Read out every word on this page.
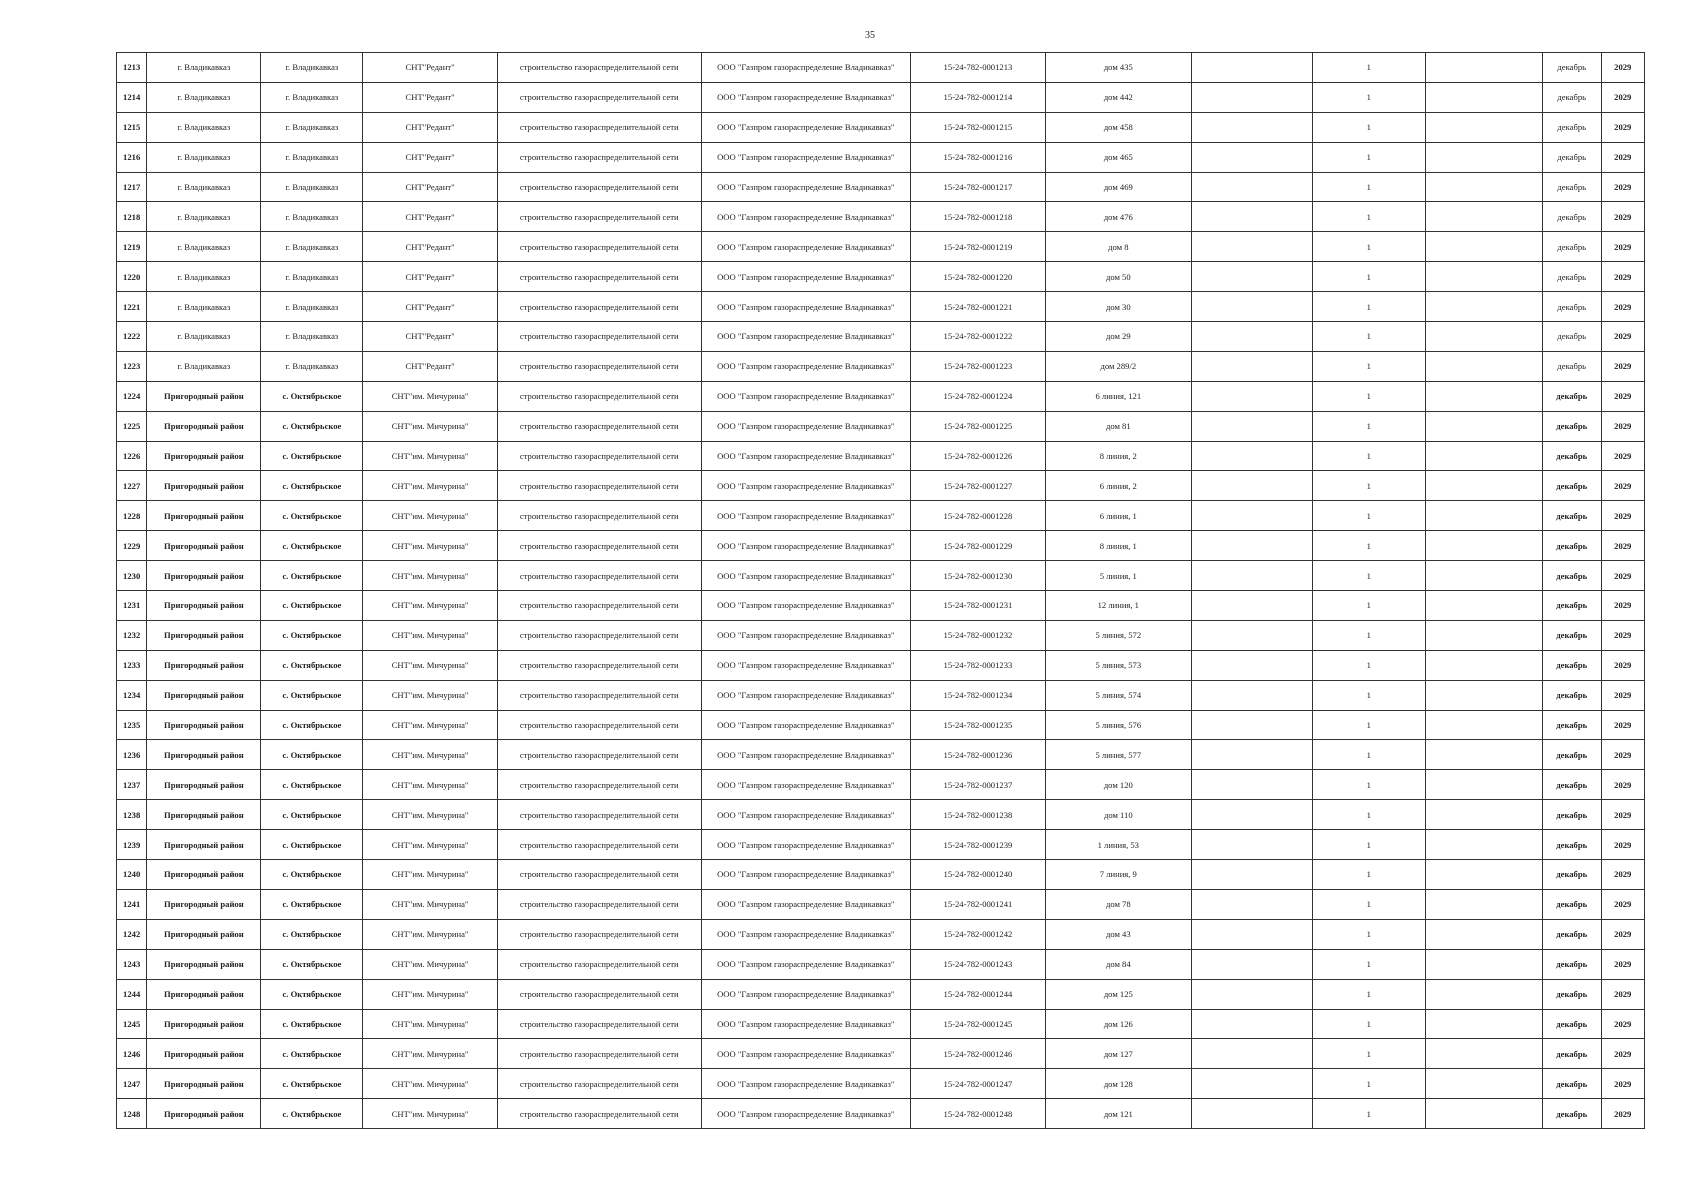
35
1213	г. Владикавказ	г. Владикавказ	СНТ"Редант"	строительство газораспределительной сети	ООО "Газпром газораспределение Владикавказ"	15-24-782-0001213	дом 435		1		декабрь	2029
1214	г. Владикавказ	г. Владикавказ	СНТ"Редант"	строительство газораспределительной сети	ООО "Газпром газораспределение Владикавказ"	15-24-782-0001214	дом 442		1		декабрь	2029
1215	г. Владикавказ	г. Владикавказ	СНТ"Редант"	строительство газораспределительной сети	ООО "Газпром газораспределение Владикавказ"	15-24-782-0001215	дом 458		1		декабрь	2029
1216	г. Владикавказ	г. Владикавказ	СНТ"Редант"	строительство газораспределительной сети	ООО "Газпром газораспределение Владикавказ"	15-24-782-0001216	дом 465		1		декабрь	2029
1217	г. Владикавказ	г. Владикавказ	СНТ"Редант"	строительство газораспределительной сети	ООО "Газпром газораспределение Владикавказ"	15-24-782-0001217	дом 469		1		декабрь	2029
1218	г. Владикавказ	г. Владикавказ	СНТ"Редант"	строительство газораспределительной сети	ООО "Газпром газораспределение Владикавказ"	15-24-782-0001218	дом 476		1		декабрь	2029
1219	г. Владикавказ	г. Владикавказ	СНТ"Редант"	строительство газораспределительной сети	ООО "Газпром газораспределение Владикавказ"	15-24-782-0001219	дом 8		1		декабрь	2029
1220	г. Владикавказ	г. Владикавказ	СНТ"Редант"	строительство газораспределительной сети	ООО "Газпром газораспределение Владикавказ"	15-24-782-0001220	дом 50		1		декабрь	2029
1221	г. Владикавказ	г. Владикавказ	СНТ"Редант"	строительство газораспределительной сети	ООО "Газпром газораспределение Владикавказ"	15-24-782-0001221	дом 30		1		декабрь	2029
1222	г. Владикавказ	г. Владикавказ	СНТ"Редант"	строительство газораспределительной сети	ООО "Газпром газораспределение Владикавказ"	15-24-782-0001222	дом 29		1		декабрь	2029
1223	г. Владикавказ	г. Владикавказ	СНТ"Редант"	строительство газораспределительной сети	ООО "Газпром газораспределение Владикавказ"	15-24-782-0001223	дом 289/2		1		декабрь	2029
1224	Пригородный район	с. Октябрьское	СНТ"им. Мичурина"	строительство газораспределительной сети	ООО "Газпром газораспределение Владикавказ"	15-24-782-0001224	6 линия, 121		1		декабрь	2029
1225	Пригородный район	с. Октябрьское	СНТ"им. Мичурина"	строительство газораспределительной сети	ООО "Газпром газораспределение Владикавказ"	15-24-782-0001225	дом 81		1		декабрь	2029
1226	Пригородный район	с. Октябрьское	СНТ"им. Мичурина"	строительство газораспределительной сети	ООО "Газпром газораспределение Владикавказ"	15-24-782-0001226	8 линия, 2		1		декабрь	2029
1227	Пригородный район	с. Октябрьское	СНТ"им. Мичурина"	строительство газораспределительной сети	ООО "Газпром газораспределение Владикавказ"	15-24-782-0001227	6 линия, 2		1		декабрь	2029
1228	Пригородный район	с. Октябрьское	СНТ"им. Мичурина"	строительство газораспределительной сети	ООО "Газпром газораспределение Владикавказ"	15-24-782-0001228	6 линия, 1		1		декабрь	2029
1229	Пригородный район	с. Октябрьское	СНТ"им. Мичурина"	строительство газораспределительной сети	ООО "Газпром газораспределение Владикавказ"	15-24-782-0001229	8 линия, 1		1		декабрь	2029
1230	Пригородный район	с. Октябрьское	СНТ"им. Мичурина"	строительство газораспределительной сети	ООО "Газпром газораспределение Владикавказ"	15-24-782-0001230	5 линия, 1		1		декабрь	2029
1231	Пригородный район	с. Октябрьское	СНТ"им. Мичурина"	строительство газораспределительной сети	ООО "Газпром газораспределение Владикавказ"	15-24-782-0001231	12 линия, 1		1		декабрь	2029
1232	Пригородный район	с. Октябрьское	СНТ"им. Мичурина"	строительство газораспределительной сети	ООО "Газпром газораспределение Владикавказ"	15-24-782-0001232	5 линия, 572		1		декабрь	2029
1233	Пригородный район	с. Октябрьское	СНТ"им. Мичурина"	строительство газораспределительной сети	ООО "Газпром газораспределение Владикавказ"	15-24-782-0001233	5 линия, 573		1		декабрь	2029
1234	Пригородный район	с. Октябрьское	СНТ"им. Мичурина"	строительство газораспределительной сети	ООО "Газпром газораспределение Владикавказ"	15-24-782-0001234	5 линия, 574		1		декабрь	2029
1235	Пригородный район	с. Октябрьское	СНТ"им. Мичурина"	строительство газораспределительной сети	ООО "Газпром газораспределение Владикавказ"	15-24-782-0001235	5 линия, 576		1		декабрь	2029
1236	Пригородный район	с. Октябрьское	СНТ"им. Мичурина"	строительство газораспределительной сети	ООО "Газпром газораспределение Владикавказ"	15-24-782-0001236	5 линия, 577		1		декабрь	2029
1237	Пригородный район	с. Октябрьское	СНТ"им. Мичурина"	строительство газораспределительной сети	ООО "Газпром газораспределение Владикавказ"	15-24-782-0001237	дом 120		1		декабрь	2029
1238	Пригородный район	с. Октябрьское	СНТ"им. Мичурина"	строительство газораспределительной сети	ООО "Газпром газораспределение Владикавказ"	15-24-782-0001238	дом 110		1		декабрь	2029
1239	Пригородный район	с. Октябрьское	СНТ"им. Мичурина"	строительство газораспределительной сети	ООО "Газпром газораспределение Владикавказ"	15-24-782-0001239	1 линия, 53		1		декабрь	2029
1240	Пригородный район	с. Октябрьское	СНТ"им. Мичурина"	строительство газораспределительной сети	ООО "Газпром газораспределение Владикавказ"	15-24-782-0001240	7 линия, 9		1		декабрь	2029
1241	Пригородный район	с. Октябрьское	СНТ"им. Мичурина"	строительство газораспределительной сети	ООО "Газпром газораспределение Владикавказ"	15-24-782-0001241	дом 78		1		декабрь	2029
1242	Пригородный район	с. Октябрьское	СНТ"им. Мичурина"	строительство газораспределительной сети	ООО "Газпром газораспределение Владикавказ"	15-24-782-0001242	дом 43		1		декабрь	2029
1243	Пригородный район	с. Октябрьское	СНТ"им. Мичурина"	строительство газораспределительной сети	ООО "Газпром газораспределение Владикавказ"	15-24-782-0001243	дом 84		1		декабрь	2029
1244	Пригородный район	с. Октябрьское	СНТ"им. Мичурина"	строительство газораспределительной сети	ООО "Газпром газораспределение Владикавказ"	15-24-782-0001244	дом 125		1		декабрь	2029
1245	Пригородный район	с. Октябрьское	СНТ"им. Мичурина"	строительство газораспределительной сети	ООО "Газпром газораспределение Владикавказ"	15-24-782-0001245	дом 126		1		декабрь	2029
1246	Пригородный район	с. Октябрьское	СНТ"им. Мичурина"	строительство газораспределительной сети	ООО "Газпром газораспределение Владикавказ"	15-24-782-0001246	дом 127		1		декабрь	2029
1247	Пригородный район	с. Октябрьское	СНТ"им. Мичурина"	строительство газораспределительной сети	ООО "Газпром газораспределение Владикавказ"	15-24-782-0001247	дом 128		1		декабрь	2029
1248	Пригородный район	с. Октябрьское	СНТ"им. Мичурина"	строительство газораспределительной сети	ООО "Газпром газораспределение Владикавказ"	15-24-782-0001248	дом 121		1		декабрь	2029
